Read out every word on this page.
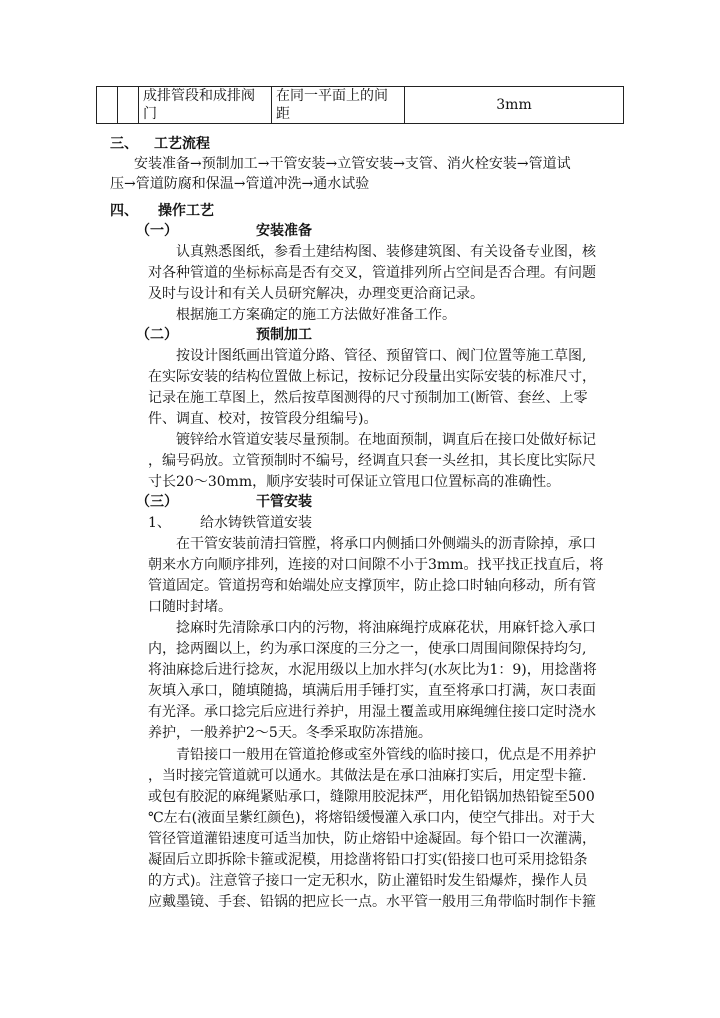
		成排管段和成排阀门	在同一平面上的间距	3mm
三、 工艺流程
安装准备→预制加工→干管安装→立管安装→支管、消火栓安装→管道试
压→管道防腐和保温→管道冲洗→通水试验
四、 操作工艺
（一）	安装准备
认真熟悉图纸，参看土建结构图、装修建筑图、有关设备专业图，核
对各种管道的坐标标高是否有交叉，管道排列所占空间是否合理。有问题
及时与设计和有关人员研究解决，办理变更洽商记录。
根据施工方案确定的施工方法做好准备工作。
（二）	预制加工
按设计图纸画出管道分路、管径、预留管口、阀门位置等施工草图,
在实际安装的结构位置做上标记，按标记分段量出实际安装的标准尺寸，
记录在施工草图上，然后按草图测得的尺寸预制加工(断管、套丝、上零
件、调直、校对，按管段分组编号)。
镀锌给水管道安装尽量预制。在地面预制，调直后在接口处做好标记
，编号码放。立管预制时不编号，经调直只套一头丝扣，其长度比实际尺
寸长20～30mm，顺序安装时可保证立管甩口位置标高的准确性。
（三）	干管安装
1、 给水铸铁管道安装
在干管安装前清扫管膛，将承口内侧插口外侧端头的沥青除掉，承口
朝来水方向顺序排列，连接的对口间隙不小于3mm。找平找正找直后，将
管道固定。管道拐弯和始端处应支撑顶牢，防止捻口时轴向移动，所有管
口随时封堵。
捻麻时先清除承口内的污物，将油麻绳拧成麻花状，用麻钎捻入承口
内，捻两圈以上，约为承口深度的三分之一，使承口周围间隙保持均匀,
将油麻捻后进行捻灰，水泥用级以上加水拌匀(水灰比为1：9)，用捻凿将
灰填入承口，随填随捣，填满后用手锤打实，直至将承口打满，灰口表面
有光泽。承口捻完后应进行养护，用湿土覆盖或用麻绳缠住接口定时浇水
养护，一般养护2～5天。冬季采取防冻措施。
青铅接口一般用在管道抢修或室外管线的临时接口，优点是不用养护
，当时接完管道就可以通水。其做法是在承口油麻打实后，用定型卡箍.
或包有胶泥的麻绳紧贴承口，缝隙用胶泥抹严，用化铅锅加热铅锭至500
℃左右(液面呈紫红颜色)，将熔铅缓慢灌入承口内，使空气排出。对于大
管径管道灌铅速度可适当加快，防止熔铅中途凝固。每个铅口一次灌满，
凝固后立即拆除卡箍或泥模，用捻凿将铅口打实(铅接口也可采用捻铅条
的方式)。注意管子接口一定无积水，防止灌铅时发生铅爆炸，操作人员
应戴墨镜、手套、铅锅的把应长一点。水平管一般用三角带临时制作卡箍
